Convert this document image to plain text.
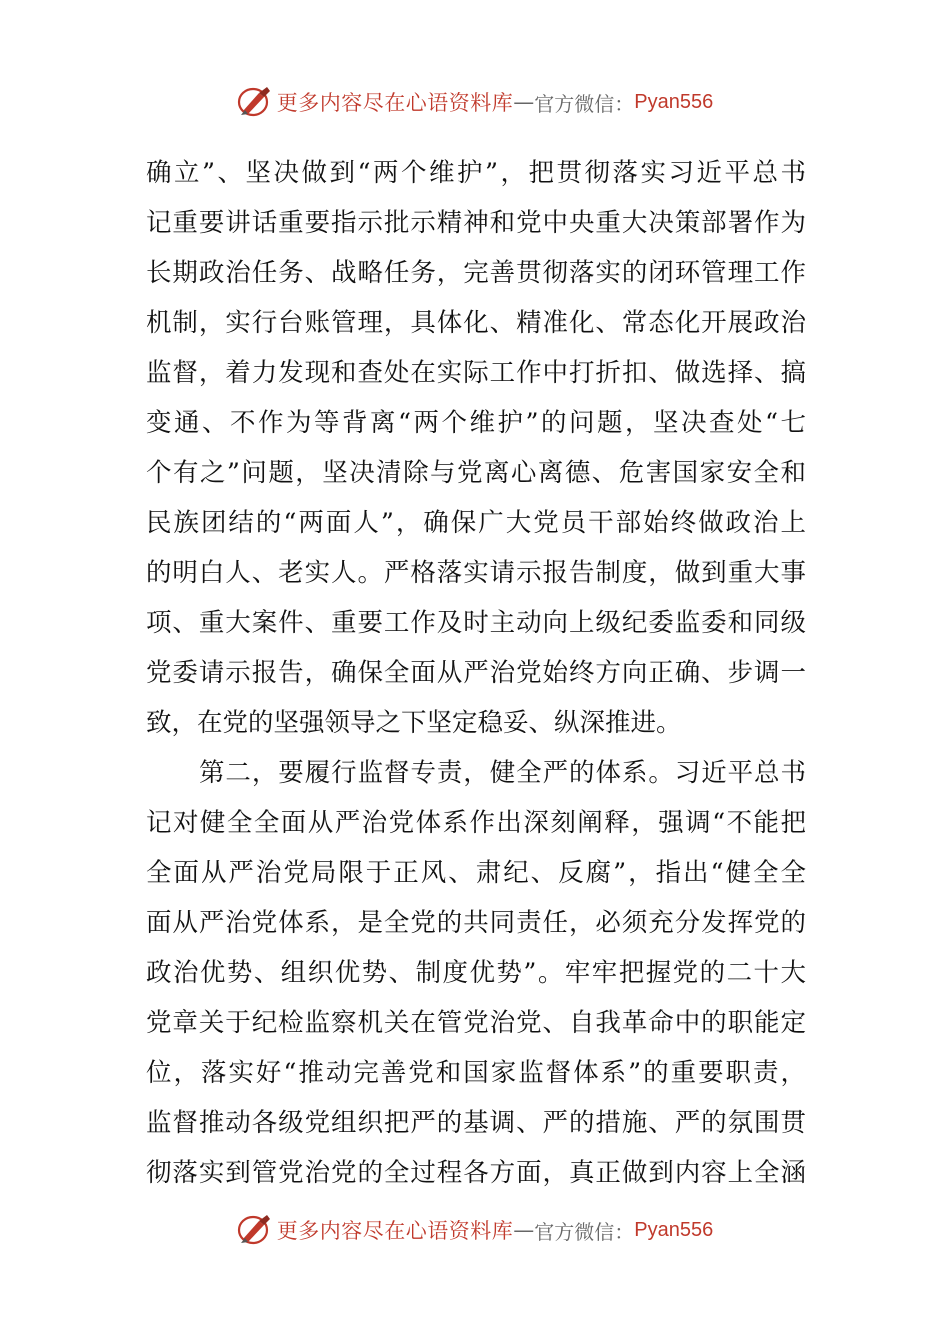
更多内容尽在心语资料库 — 官方微信： Pyan556
确立”、坚决做到“两个维护”，把贯彻落实习近平总书
记重要讲话重要指示批示精神和党中央重大决策部署作为
长期政治任务、战略任务，完善贯彻落实的闭环管理工作
机制，实行台账管理，具体化、精准化、常态化开展政治
监督，着力发现和查处在实际工作中打折扣、做选择、搞
变通、不作为等背离“两个维护”的问题，坚决查处“七
个有之”问题，坚决清除与党离心离德、危害国家安全和
民族团结的“两面人”，确保广大党员干部始终做政治上
的明白人、老实人。严格落实请示报告制度，做到重大事
项、重大案件、重要工作及时主动向上级纪委监委和同级
党委请示报告，确保全面从严治党始终方向正确、步调一
致，在党的坚强领导之下坚定稳妥、纵深推进。
第二，要履行监督专责，健全严的体系。习近平总书
记对健全全面从严治党体系作出深刻阐释，强调“不能把
全面从严治党局限于正风、肃纪、反腐”，指出“健全全
面从严治党体系，是全党的共同责任，必须充分发挥党的
政治优势、组织优势、制度优势”。牢牢把握党的二十大
党章关于纪检监察机关在管党治党、自我革命中的职能定
位，落实好“推动完善党和国家监督体系”的重要职责，
监督推动各级党组织把严的基调、严的措施、严的氛围贯
彻落实到管党治党的全过程各方面，真正做到内容上全涵
更多内容尽在心语资料库 — 官方微信： Pyan556
